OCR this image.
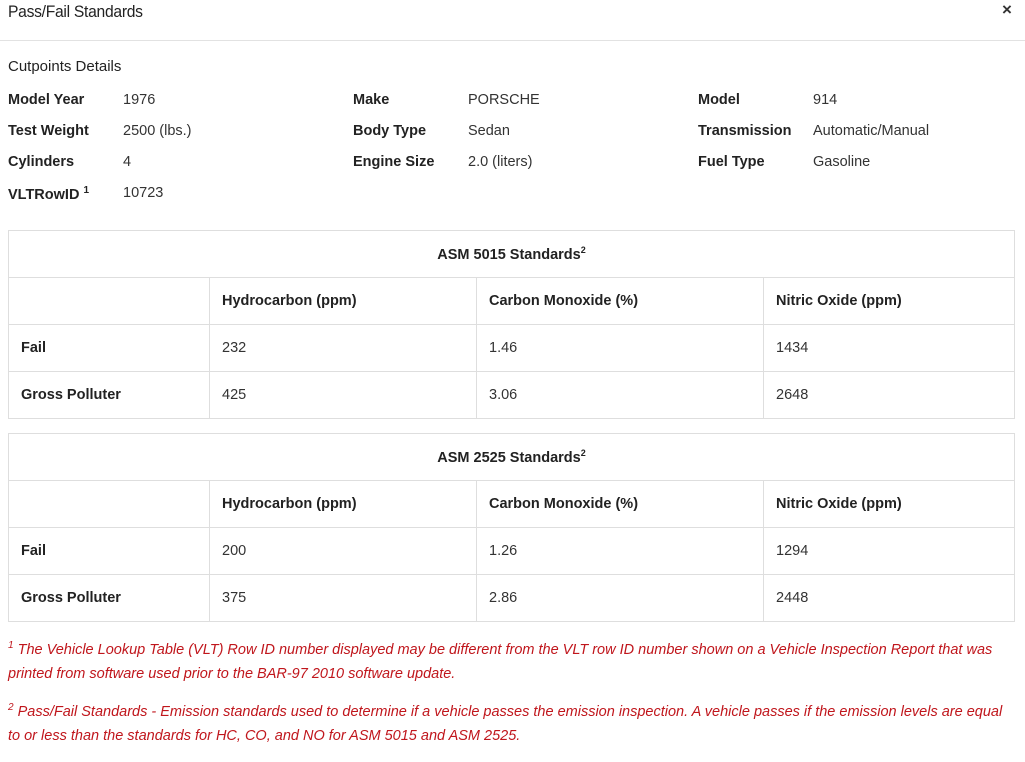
Pass/Fail Standards	×
Cutpoints Details
Model Year	1976	Make	PORSCHE	Model	914
Test Weight 2500 (lbs.)	Body Type	Sedan	Transmission Automatic/Manual
Cylinders	4	Engine Size 2.0 (liters)	Fuel Type	Gasoline
VLTRowID $^1$ 10723
ASM 5015 Standards$^2$
	Hydrocarbon (ppm)	Carbon Monoxide (%)	Nitric Oxide (ppm)
Fail	232	1.46	1434
Gross Polluter	425	3.06	2648
ASM 2525 Standards$^2$
	Hydrocarbon (ppm)	Carbon Monoxide (%)	Nitric Oxide (ppm)
Fail	200	1.26	1294
Gross Polluter	375	2.86	2448

$^1$ The Vehicle Lookup Table (VLT) Row ID number displayed may be different from the VLT row ID number shown on a Vehicle Inspection Report that was printed from software used prior to the BAR-97 2010 software update.

$^2$ Pass/Fail Standards - Emission standards used to determine if a vehicle passes the emission inspection. A vehicle passes if the emission levels are equal to or less than the standards for HC, CO, and NO for ASM 5015 and ASM 2525.
